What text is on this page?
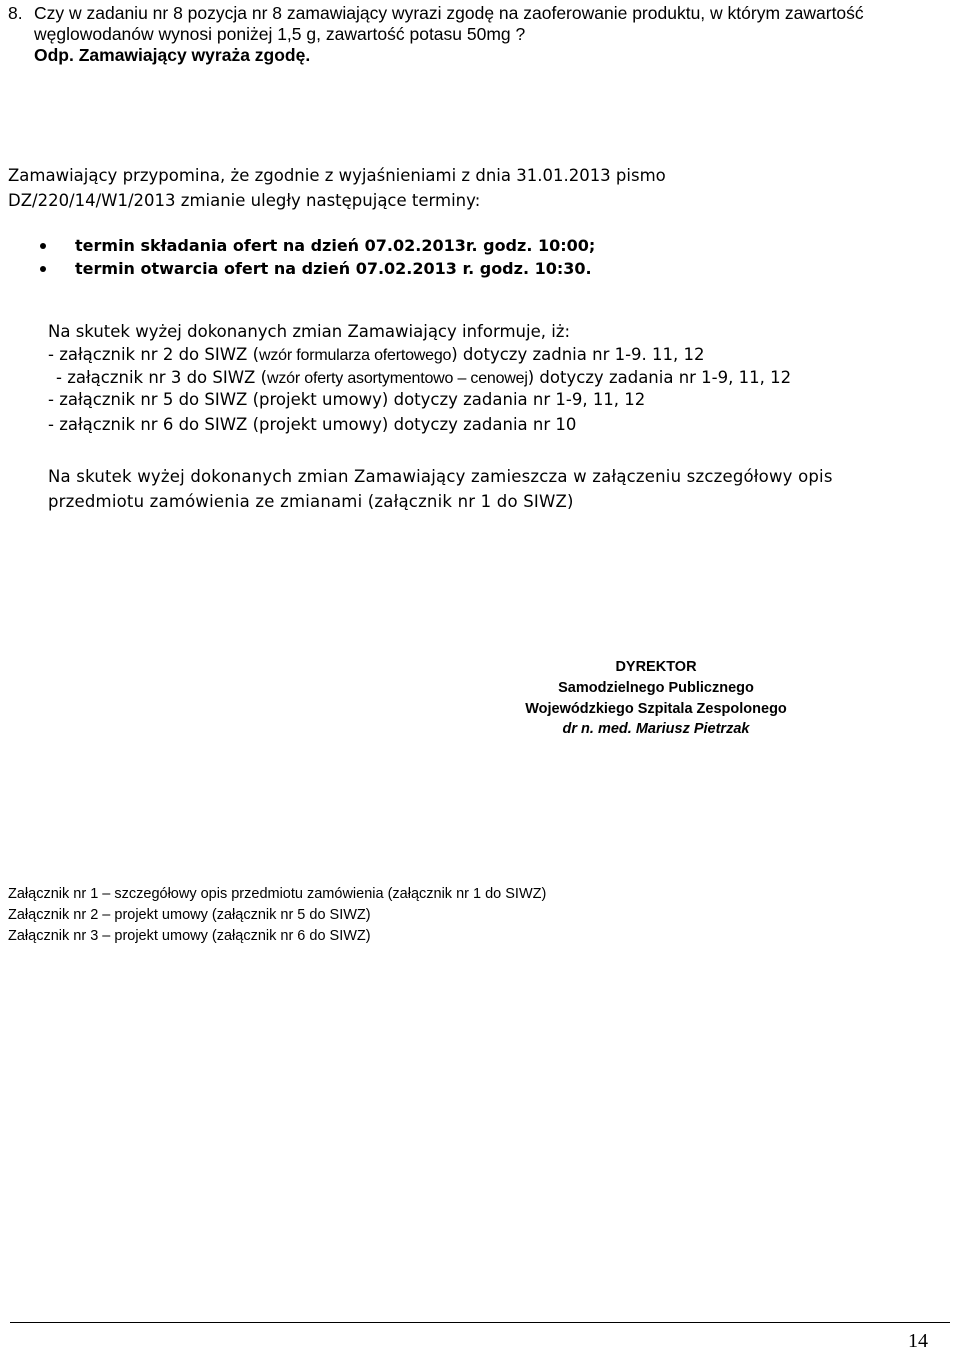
8. Czy w zadaniu nr 8 pozycja nr 8 zamawiający wyrazi zgodę na zaoferowanie produktu, w którym zawartość
węglowodanów wynosi poniżej 1,5 g, zawartość potasu 50mg ?
Odp. Zamawiający wyraża zgodę.
Zamawiający przypomina, że zgodnie z wyjaśnieniami z dnia 31.01.2013 pismo
DZ/220/14/W1/2013 zmianie uległy następujące terminy:
termin składania ofert na dzień 07.02.2013r. godz. 10:00;
termin otwarcia ofert na dzień 07.02.2013 r. godz. 10:30.
Na skutek wyżej dokonanych zmian Zamawiający informuje, iż:
- załącznik nr 2 do SIWZ (wzór formularza ofertowego) dotyczy zadnia nr 1-9. 11, 12
- załącznik nr 3 do SIWZ (wzór oferty asortymentowo – cenowej) dotyczy zadania nr 1-9, 11, 12
- załącznik nr 5 do SIWZ (projekt umowy) dotyczy zadania nr 1-9, 11, 12
- załącznik nr 6 do SIWZ (projekt umowy) dotyczy zadania nr 10
Na skutek wyżej dokonanych zmian Zamawiający zamieszcza w załączeniu szczegółowy opis
przedmiotu zamówienia ze zmianami (załącznik nr 1 do SIWZ)
DYREKTOR
Samodzielnego Publicznego
Wojewódzkiego Szpitala Zespolonego
dr n. med. Mariusz Pietrzak
Załącznik nr 1 – szczegółowy opis przedmiotu zamówienia (załącznik nr 1 do SIWZ)
Załącznik nr 2 – projekt umowy (załącznik nr 5 do SIWZ)
Załącznik nr 3 – projekt umowy (załącznik nr 6 do SIWZ)
14
